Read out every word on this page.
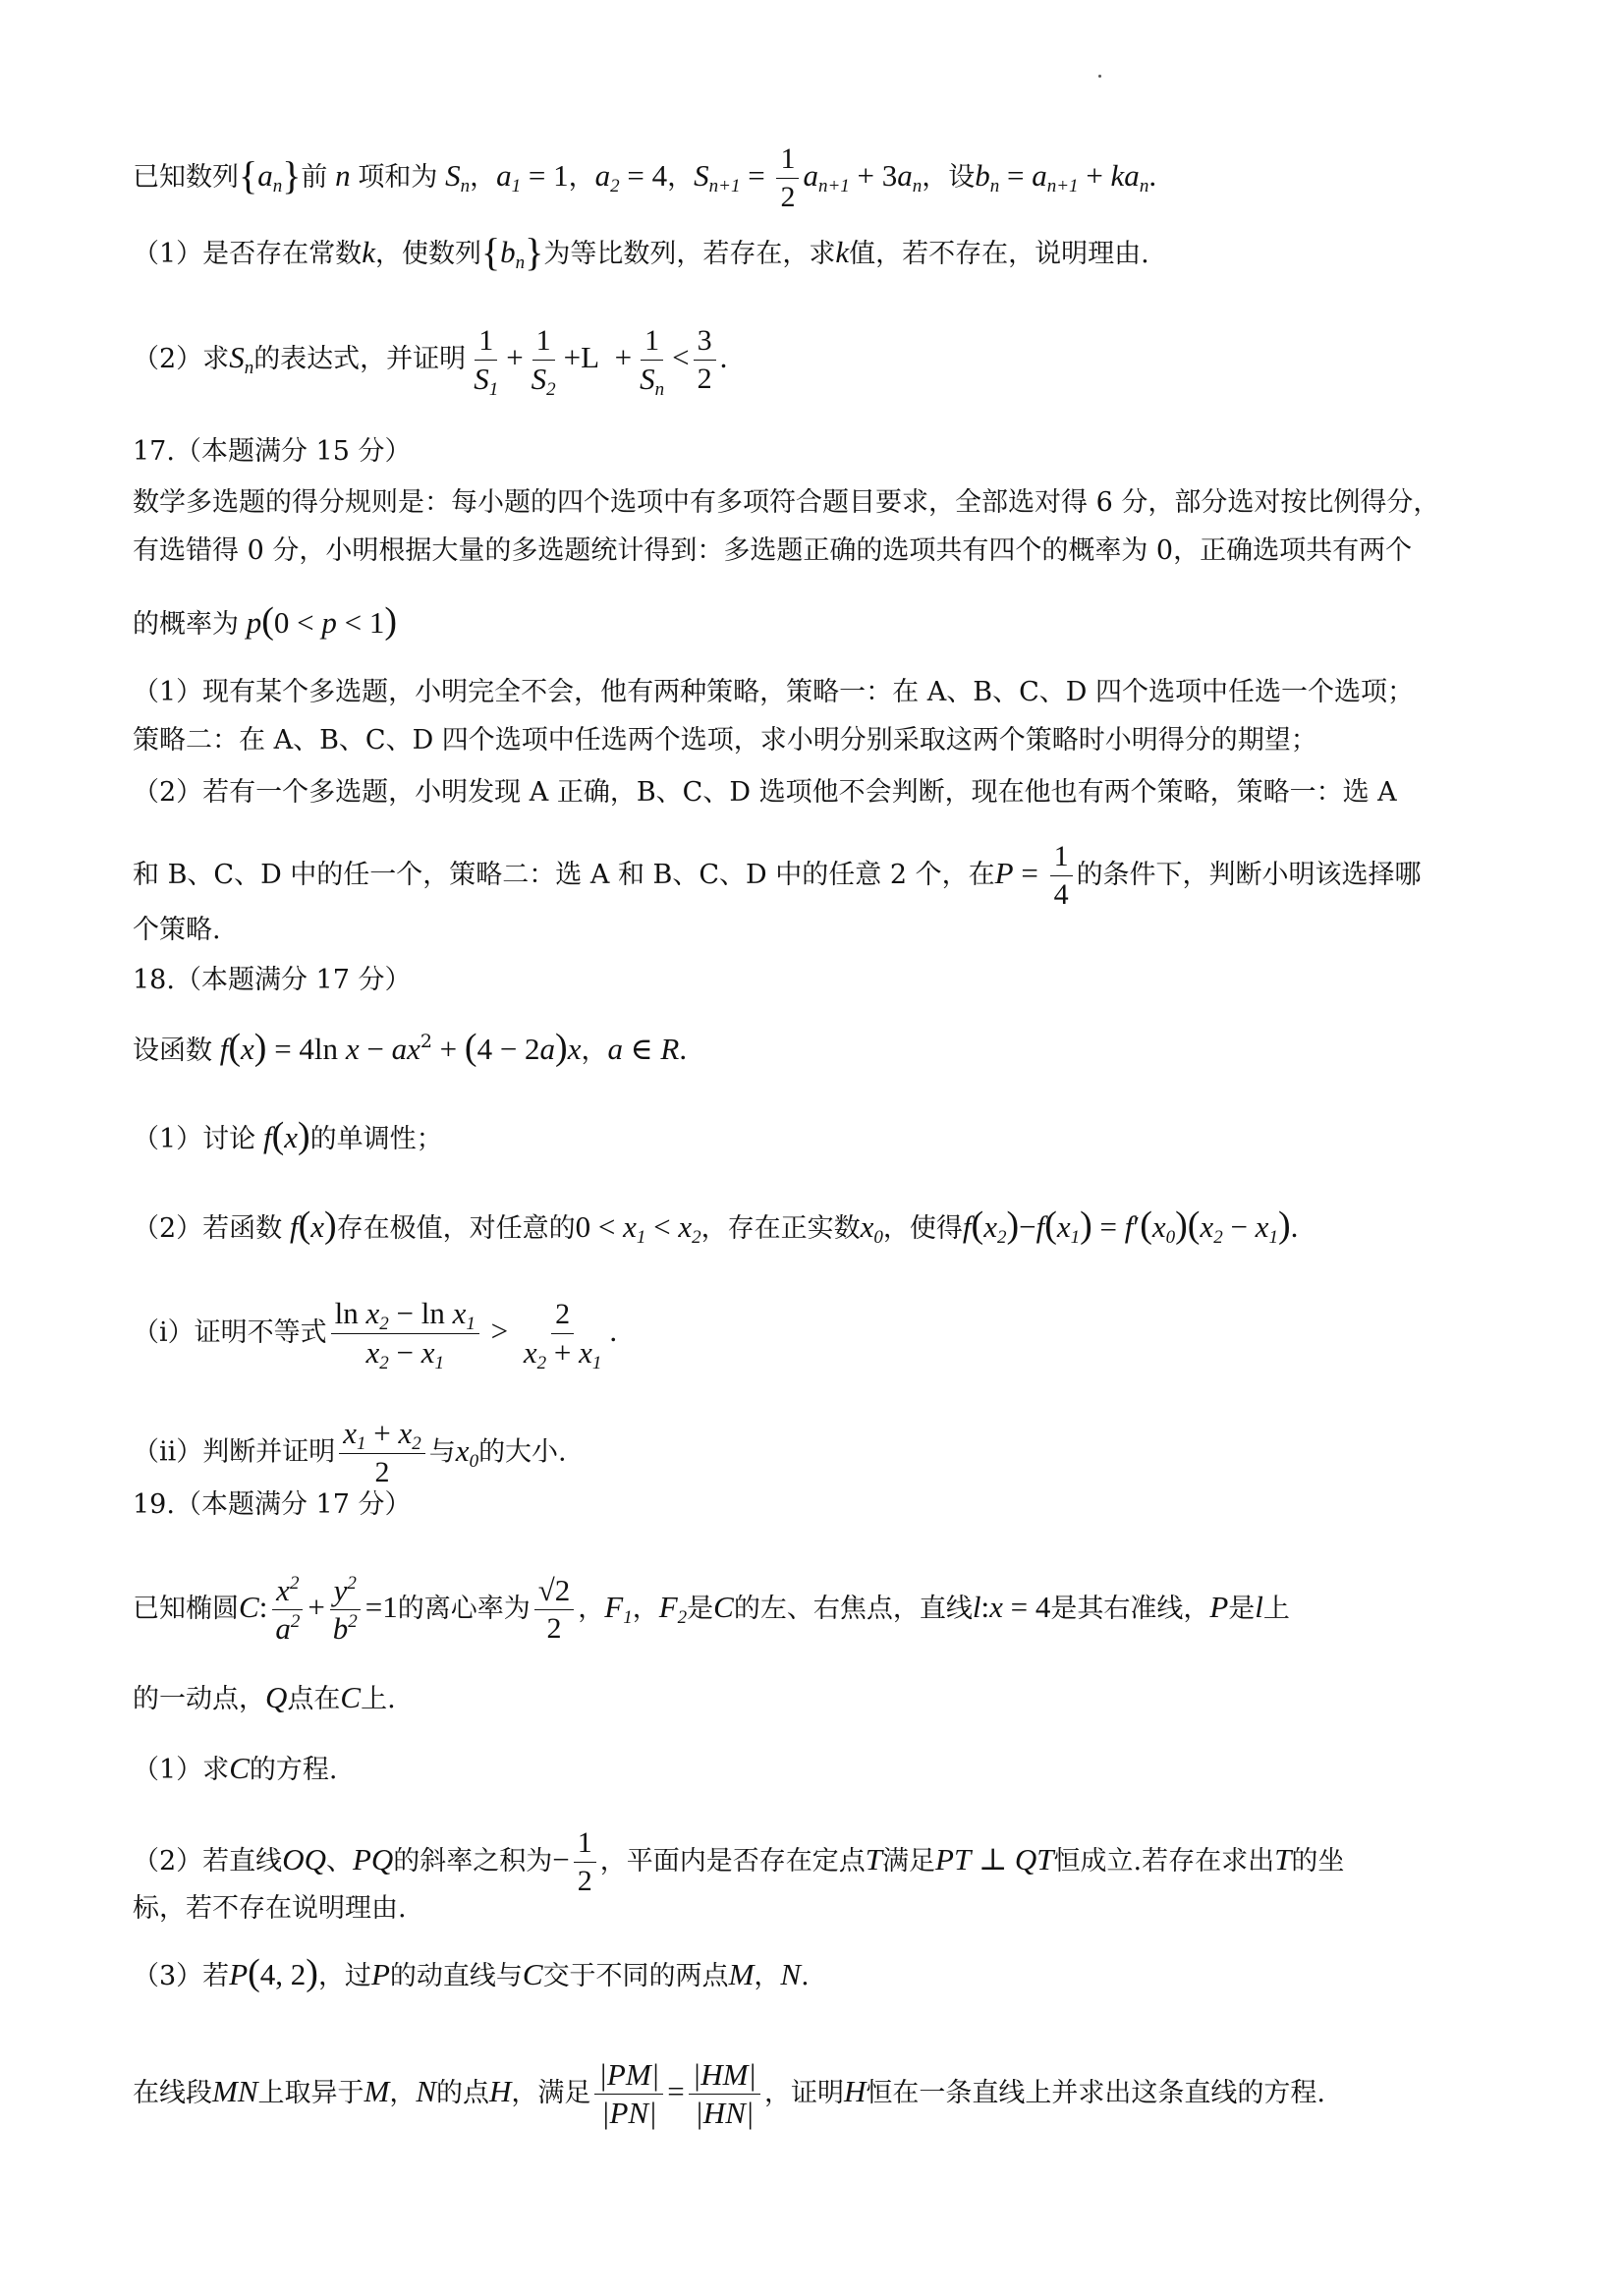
已知数列$\{a_n\}$前 n 项和为 $S_n$，$a_1 = 1$，$a_2 = 4$，$S_{n+1} = \frac{1}{2} a_{n+1} + 3a_n$，设$b_n = a_{n+1} + ka_n$.
（1）是否存在常数k，使数列$\{b_n\}$为等比数列，若存在，求k值，若不存在，说明理由.
（2）求$S_n$的表达式，并证明 $\frac{1}{S_1} + \frac{1}{S_2} +L + \frac{1}{S_n} < \frac{3}{2}$ .
17.（本题满分 15 分）
数学多选题的得分规则是：每小题的四个选项中有多项符合题目要求，全部选对得 6 分，部分选对按比例得分，
有选错得 0 分，小明根据大量的多选题统计得到：多选题正确的选项共有四个的概率为 0，正确选项共有两个
的概率为 p(0 < p < 1)
（1）现有某个多选题，小明完全不会，他有两种策略，策略一：在 A、B、C、D 四个选项中任选一个选项；
策略二：在 A、B、C、D 四个选项中任选两个选项，求小明分别采取这两个策略时小明得分的期望；
（2）若有一个多选题，小明发现 A 正确，B、C、D 选项他不会判断，现在他也有两个策略，策略一：选 A
和 B、C、D 中的任一个，策略二：选 A 和 B、C、D 中的任意 2 个，在$P = \frac{1}{4}$ 的条件下，判断小明该选择哪
个策略.
18.（本题满分 17 分）
设函数 f(x) = 4ln $x - ax^2 + (4 - 2a)x$，a ∈ R.
（1）讨论 f(x)的单调性；
（2）若函数 f(x)存在极值，对任意的$0 < x_1 < x_2$，存在正实数$x_0$，使得$f(x_2)-f(x_1) = f'(x_0)(x_2 - x_1)$.
（ⅰ）证明不等式 $\frac{\ln x_2 - \ln x_1}{x_2 - x_1} > \frac{2}{x_2 + x_1}$ .
（ⅱ）判断并证明 $\frac{x_1 + x_2}{2}$ 与$x_0$的大小.
19.（本题满分 17 分）
已知椭圆C: $\frac{x^2}{a^2} + \frac{y^2}{b^2} =1$的离心率为 $\frac{√2}{2}$ ，$F_1$，$F_2$是C的左、右焦点，直线l:x = 4是其右准线，P是l上
的一动点，Q点在C上.
（1）求C的方程.
（2）若直线OQ、PQ的斜率之积为− $\frac{1}{2}$ ，平面内是否存在定点T满足PT ⊥ QT恒成立.若存在求出T的坐
标，若不存在说明理由.
（3）若P(4, 2)，过P的动直线与C交于不同的两点M，N.
在线段MN上取异于M，N的点H，满足 $\frac{|PM|}{|PN|} = \frac{|HM|}{|HN|}$ ，证明H恒在一条直线上并求出这条直线的方程.
